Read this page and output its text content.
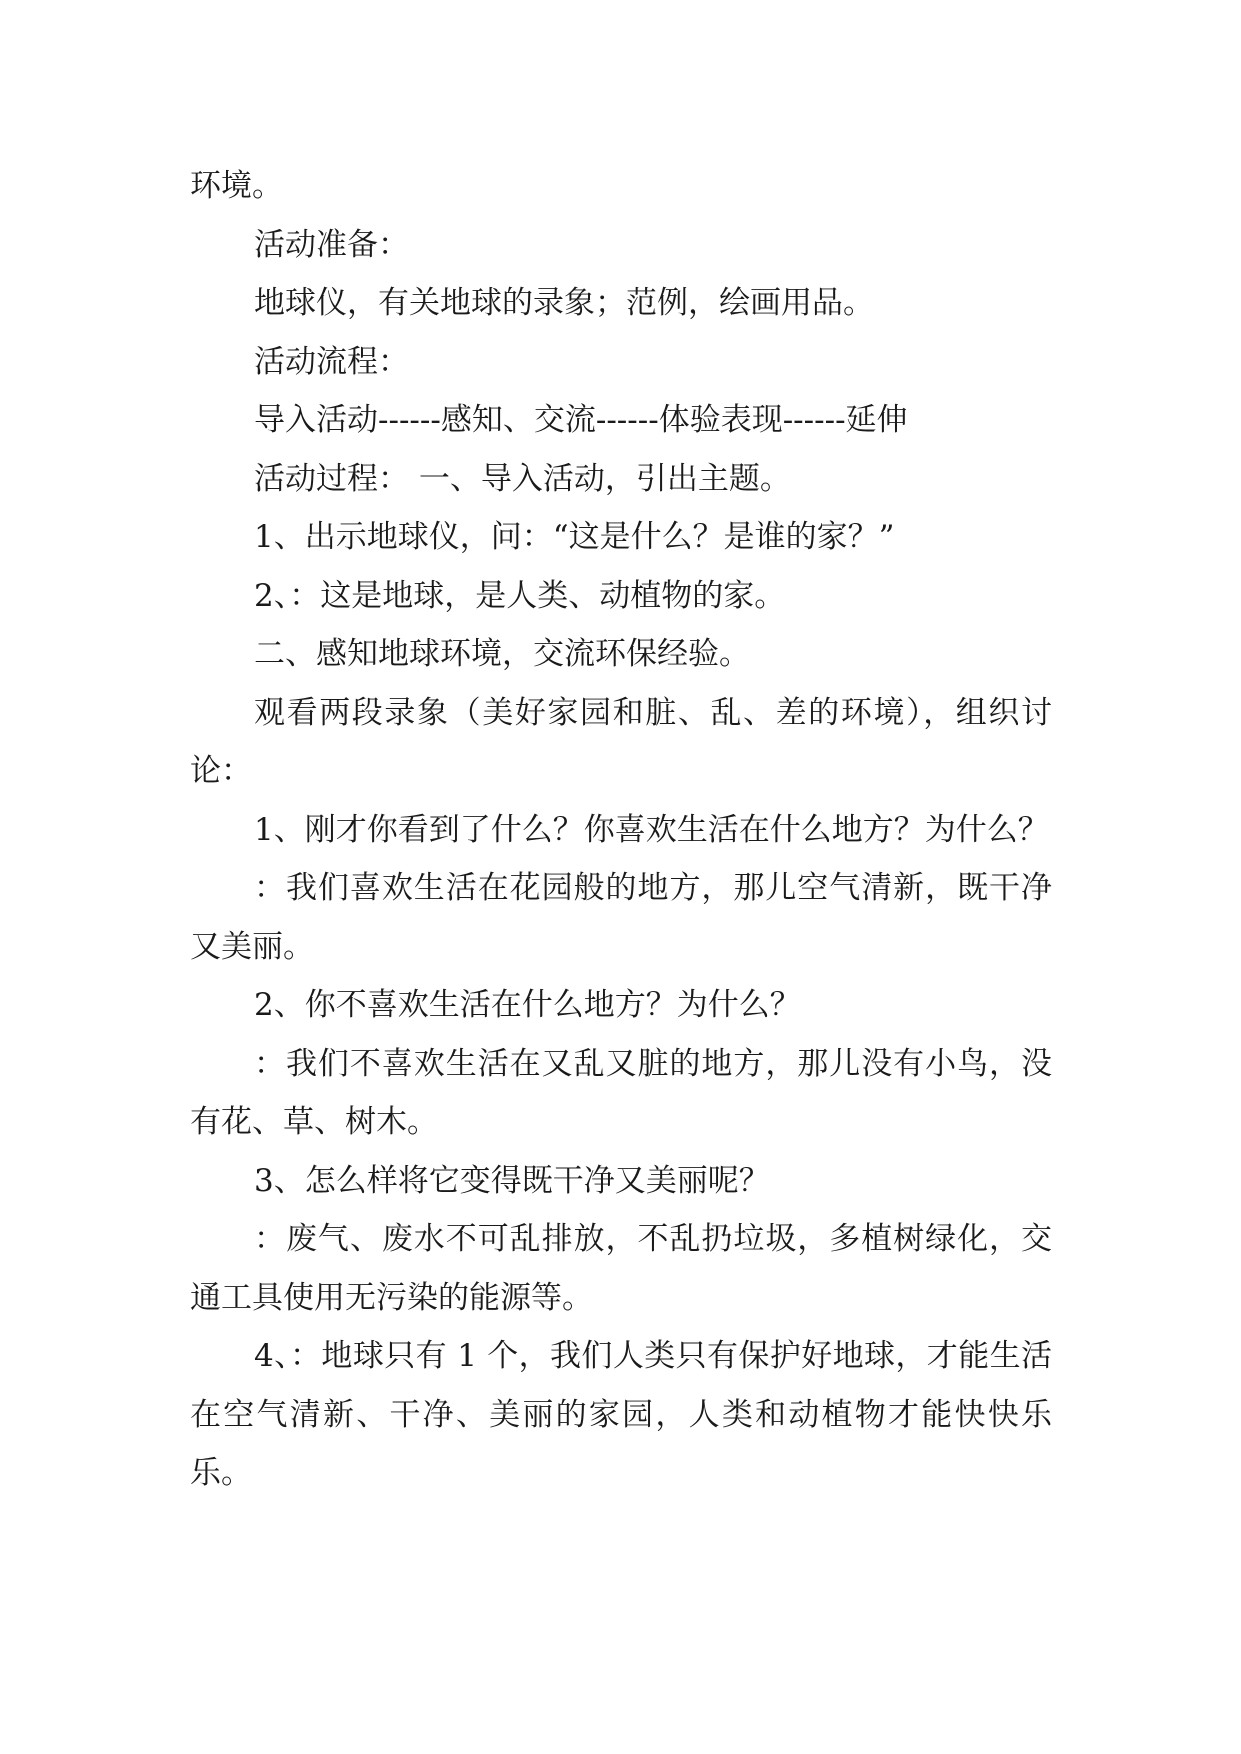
环境。

活动准备：

地球仪，有关地球的录象；范例，绘画用品。

活动流程：

导入活动------感知、交流------体验表现------延伸

活动过程： 一、导入活动，引出主题。

1、出示地球仪，问：“这是什么？是谁的家？”

2、：这是地球，是人类、动植物的家。

二、感知地球环境，交流环保经验。

观看两段录象（美好家园和脏、乱、差的环境），组织讨论：

1、刚才你看到了什么？你喜欢生活在什么地方？为什么？

：我们喜欢生活在花园般的地方，那儿空气清新，既干净又美丽。

2、你不喜欢生活在什么地方？为什么？

：我们不喜欢生活在又乱又脏的地方，那儿没有小鸟，没有花、草、树木。

3、怎么样将它变得既干净又美丽呢？

：废气、废水不可乱排放，不乱扔垃圾，多植树绿化，交通工具使用无污染的能源等。

4、：地球只有 1 个，我们人类只有保护好地球，才能生活在空气清新、干净、美丽的家园，人类和动植物才能快快乐乐。
